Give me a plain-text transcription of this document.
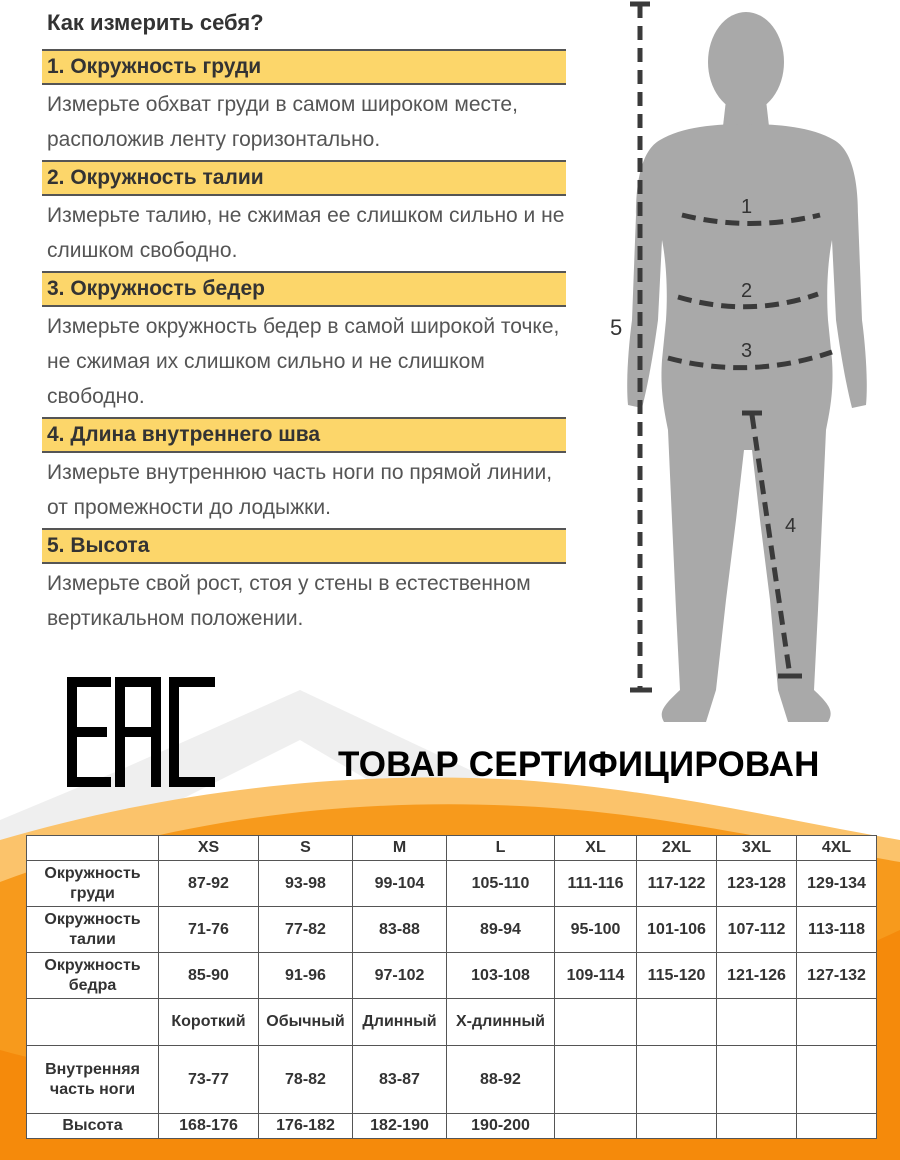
Как измерить себя?
1. Окружность груди
Измерьте обхват груди в самом широком месте, расположив ленту горизонтально.
2. Окружность талии
Измерьте талию, не сжимая ее слишком сильно и не слишком свободно.
3. Окружность бедер
Измерьте окружность бедер в самой широкой точке, не сжимая их слишком сильно и не слишком свободно.
4. Длина внутреннего шва
Измерьте внутреннюю часть ноги по прямой линии, от промежности до лодыжки.
5. Высота
Измерьте свой рост, стоя у стены в естественном вертикальном положении.
1
2
3
4
5
ТОВАР СЕРТИФИЦИРОВАН
	XS	S	M	L	XL	2XL	3XL	4XL
Окружность груди	87-92	93-98	99-104	105-110	111-116	117-122	123-128	129-134
Окружность талии	71-76	77-82	83-88	89-94	95-100	101-106	107-112	113-118
Окружность бедра	85-90	91-96	97-102	103-108	109-114	115-120	121-126	127-132
	Короткий	Обычный	Длинный	Х-длинный				
Внутренняя часть ноги	73-77	78-82	83-87	88-92				
Высота	168-176	176-182	182-190	190-200				
